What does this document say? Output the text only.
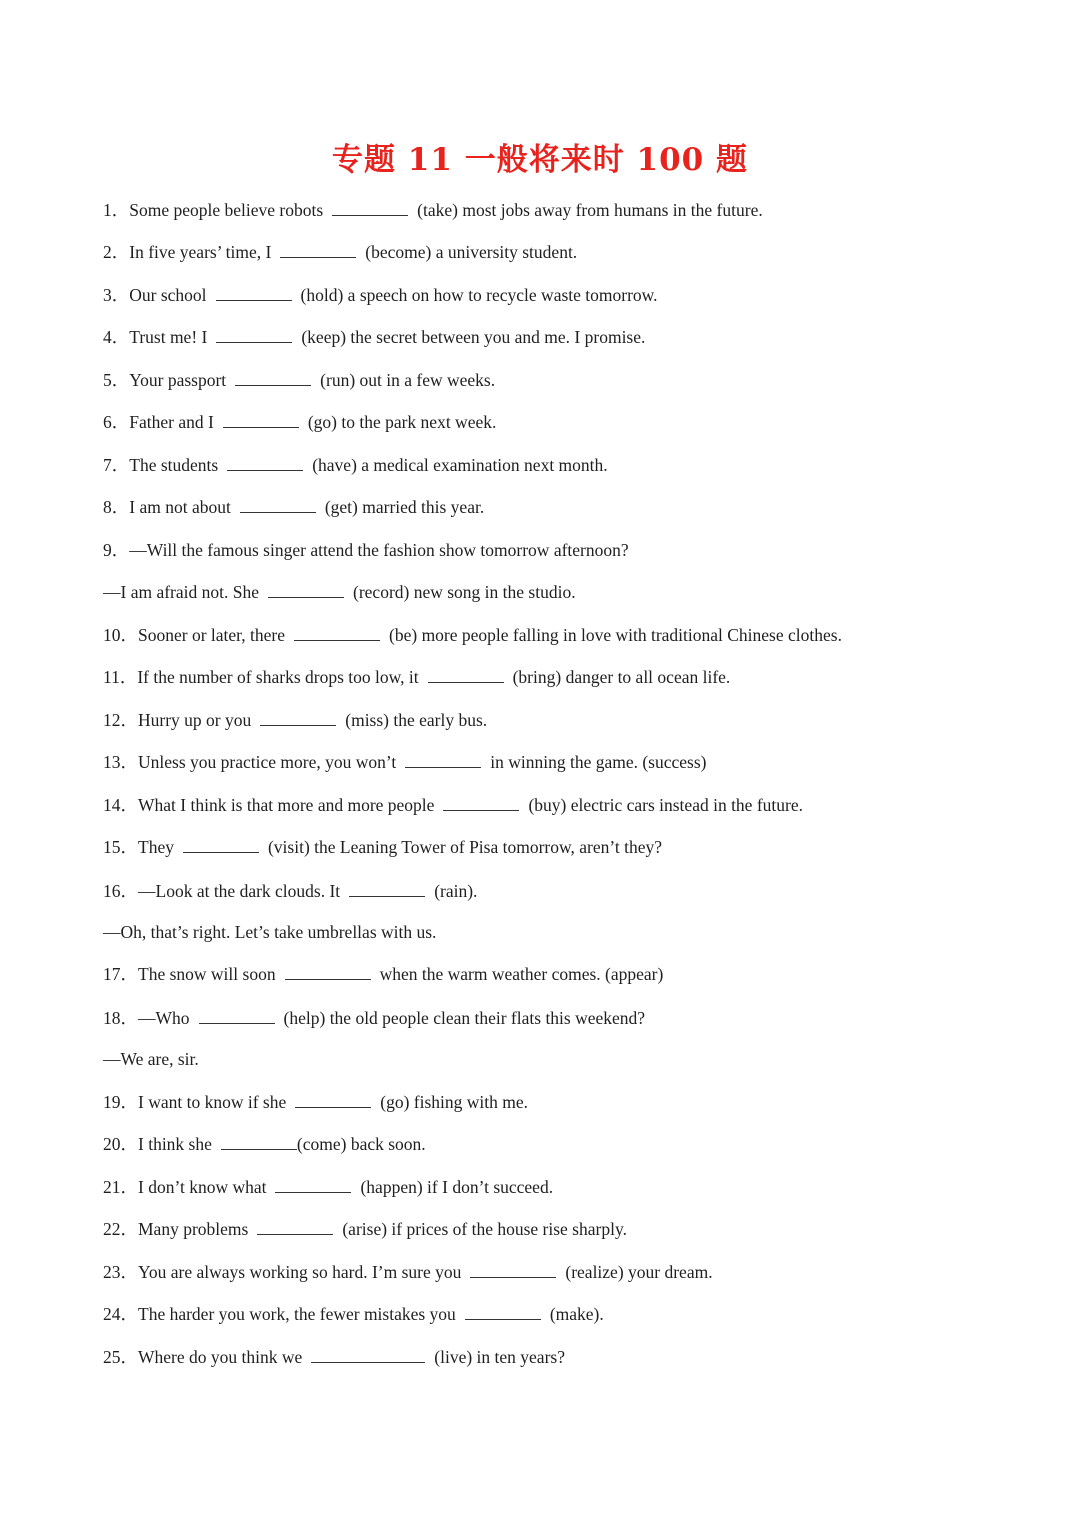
专题 11 一般将来时 100 题
1．Some people believe robots	(take) most jobs away from humans in the future.
2．In five years’ time, I	(become) a university student.
3．Our school	(hold) a speech on how to recycle waste tomorrow.
4．Trust me! I	(keep) the secret between you and me. I promise.
5．Your passport	(run) out in a few weeks.
6．Father and I	(go) to the park next week.
7．The students	(have) a medical examination next month.
8．I am not about	(get) married this year.
9．—Will the famous singer attend the fashion show tomorrow afternoon?
—I am afraid not. She	(record) new song in the studio.
10．Sooner or later, there	(be) more people falling in love with traditional Chinese clothes.
11．If the number of sharks drops too low, it	(bring) danger to all ocean life.
12．Hurry up or you	(miss) the early bus.
13．Unless you practice more, you won’t	in winning the game. (success)
14．What I think is that more and more people	(buy) electric cars instead in the future.
15．They	(visit) the Leaning Tower of Pisa tomorrow, aren’t they?
16．—Look at the dark clouds. It	(rain).
—Oh, that’s right. Let’s take umbrellas with us.
17．The snow will soon	when the warm weather comes. (appear)
18．—Who	(help) the old people clean their flats this weekend?
—We are, sir.
19．I want to know if she	(go) fishing with me.
20．I think she	(come) back soon.
21．I don’t know what	(happen) if I don’t succeed.
22．Many problems	(arise) if prices of the house rise sharply.
23．You are always working so hard. I’m sure you	(realize) your dream.
24．The harder you work, the fewer mistakes you	(make).
25．Where do you think we	(live) in ten years?
